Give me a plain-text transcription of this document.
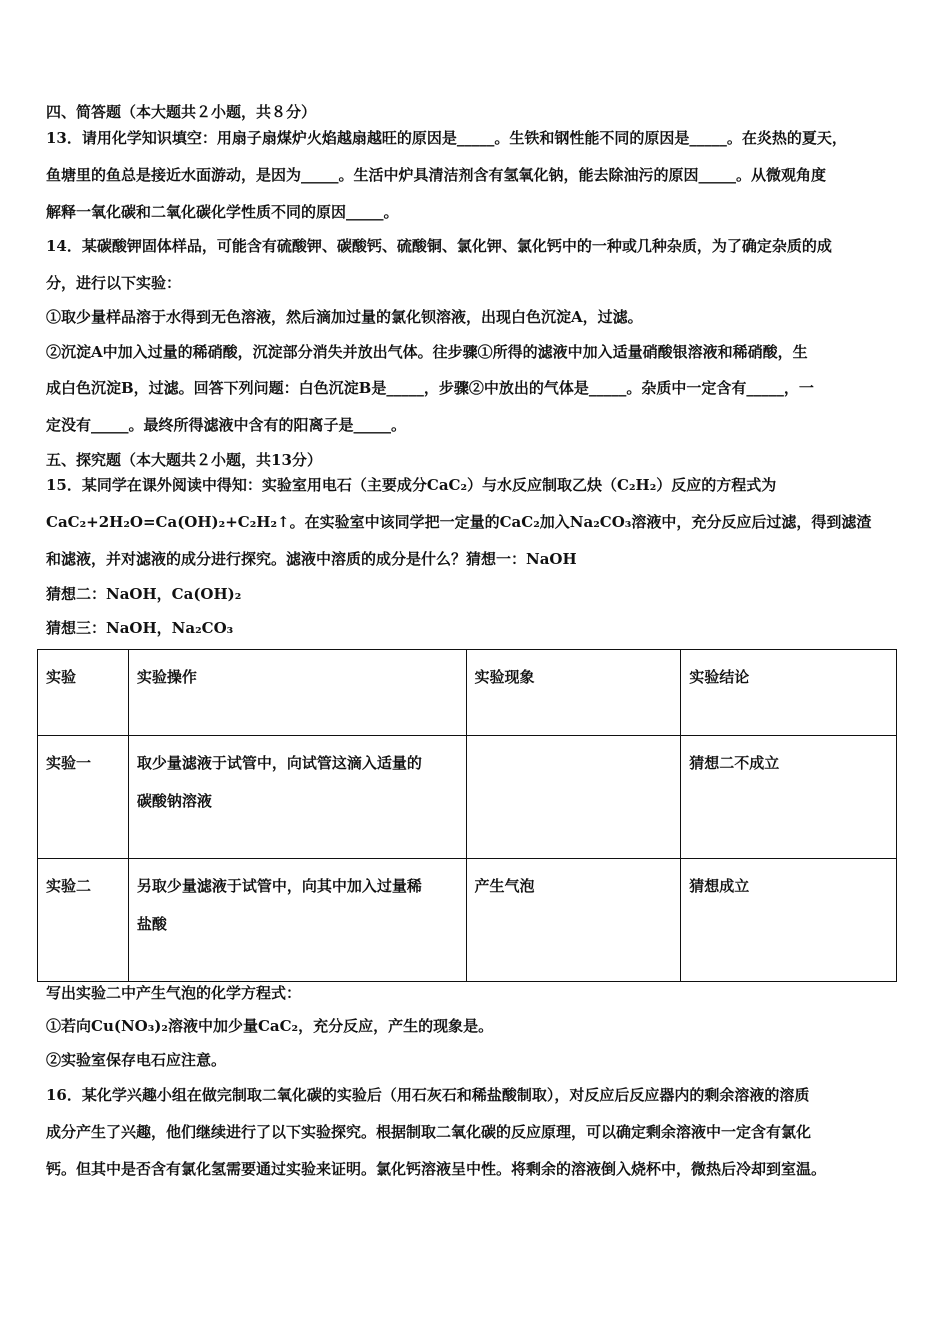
四、简答题（本大题共２小题，共８分）
13．请用化学知识填空：用扇子扇煤炉火焰越扇越旺的原因是_____。生铁和钢性能不同的原因是_____。在炎热的夏天，
鱼塘里的鱼总是接近水面游动，是因为_____。生活中炉具清洁剂含有氢氧化钠，能去除油污的原因_____。从微观角度
解释一氧化碳和二氧化碳化学性质不同的原因_____。
14．某碳酸钾固体样品，可能含有硫酸钾、碳酸钙、硫酸铜、氯化钾、氯化钙中的一种或几种杂质，为了确定杂质的成
分，进行以下实验：
①取少量样品溶于水得到无色溶液，然后滴加过量的氯化钡溶液，出现白色沉淀A，过滤。
②沉淀A中加入过量的稀硝酸，沉淀部分消失并放出气体。往步骤①所得的滤液中加入适量硝酸银溶液和稀硝酸，生
成白色沉淀B，过滤。回答下列问题：白色沉淀B是_____，步骤②中放出的气体是_____。杂质中一定含有_____，一
定没有_____。最终所得滤液中含有的阳离子是_____。
五、探究题（本大题共２小题，共13分）
15．某同学在课外阅读中得知：实验室用电石（主要成分CaC₂）与水反应制取乙炔（C₂H₂）反应的方程式为
CaC₂+2H₂O=Ca(OH)₂+C₂H₂↑。在实验室中该同学把一定量的CaC₂加入Na₂CO₃溶液中，充分反应后过滤，得到滤渣
和滤液，并对滤液的成分进行探究。滤液中溶质的成分是什么？猜想一：NaOH
猜想二：NaOH，Ca(OH)₂
猜想三：NaOH，Na₂CO₃
实验	实验操作	实验现象	实验结论
实验一	取少量滤液于试管中，向试管这滴入适量的
碳酸钠溶液		猜想二不成立
实验二	另取少量滤液于试管中，向其中加入过量稀
盐酸	产生气泡	猜想成立
写出实验二中产生气泡的化学方程式：
①若向Cu(NO₃)₂溶液中加少量CaC₂，充分反应，产生的现象是。
②实验室保存电石应注意。
16．某化学兴趣小组在做完制取二氧化碳的实验后（用石灰石和稀盐酸制取），对反应后反应器内的剩余溶液的溶质
成分产生了兴趣，他们继续进行了以下实验探究。根据制取二氧化碳的反应原理，可以确定剩余溶液中一定含有氯化
钙。但其中是否含有氯化氢需要通过实验来证明。氯化钙溶液呈中性。将剩余的溶液倒入烧杯中，微热后冷却到室温。
